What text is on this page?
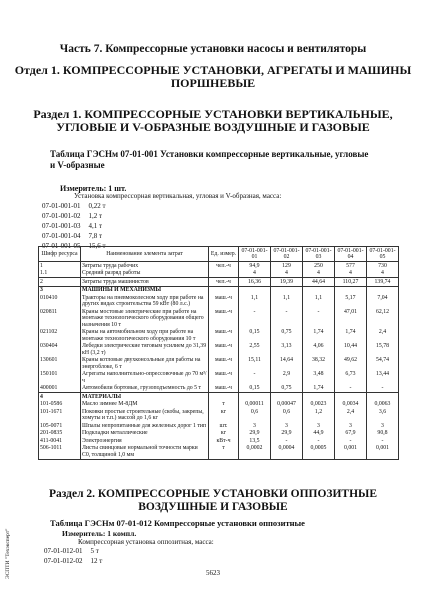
Часть 7. Компрессорные установки насосы и вентиляторы
Отдел 1. КОМПРЕССОРНЫЕ УСТАНОВКИ, АГРЕГАТЫ И МАШИНЫ
ПОРШНЕВЫЕ
Раздел 1. КОМПРЕССОРНЫЕ УСТАНОВКИ ВЕРТИКАЛЬНЫЕ,
УГЛОВЫЕ И V-ОБРАЗНЫЕ ВОЗДУШНЫЕ И ГАЗОВЫЕ
Таблица ГЭСНм 07-01-001 Установки компрессорные вертикальные, угловые и V-образные
Измеритель: 1 шт.
Установка компрессорная вертикальная, угловая и V-образная, масса:
07-01-001-01	0,22 т
07-01-001-02	1,2 т
07-01-001-03	4,1 т
07-01-001-04	7,8 т
07-01-001-05	15,6 т
Шифр ресурса	Наименование элемента затрат	Ед. измер.	07-01-001-01	07-01-001-02	07-01-001-03	07-01-001-04	07-01-001-05
1	Затраты труда рабочих	чел.-ч	94,9	129	250	577	730
1.1	Средний разряд работы		4	4	4	4	4
2	Затраты труда машинистов	чел.-ч	16,36	19,39	44,64	110,27	139,74
3	МАШИНЫ И МЕХАНИЗМЫ						
010410	Тракторы на пневмоколесном ходу при работе на других видах строительства 59 кВт (80 л.с.)	маш.-ч	1,1	1,1	1,1	5,17	7,04
020811	Краны мостовые электрические при работе на монтаже технологического оборудования общего назначения 10 т	маш.-ч	-	-	-	47,01	62,12
021102	Краны на автомобильном ходу при работе на монтаже технологического оборудования 10 т	маш.-ч	0,15	0,75	1,74	1,74	2,4
030404	Лебедки электрические тяговым усилием до 31,39 кН (3,2 т)	маш.-ч	2,55	3,13	4,06	10,44	15,78
130601	Краны котловые двухконсольные для работы на энергоблоке, 6 т	маш.-ч	15,11	14,64	38,32	49,62	54,74
150101	Агрегаты наполнительно-опрессовочные до 70 м³/ч	маш.-ч	-	2,9	3,48	6,73	13,44
400001	Автомобили бортовые, грузоподъемность до 5 т	маш.-ч	0,15	0,75	1,74	-	-
4	МАТЕРИАЛЫ						
101-0586	Масло зимнее М-8ДМ	т	0,00011	0,00047	0,0023	0,0034	0,0063
101-1671	Поковки простые строительные (скобы, закрепы, хомуты и т.п.) массой до 1,6 кг	кг	0,6	0,6	1,2	2,4	3,6
105-0071	Шпалы непропитанные для железных дорог 1 тип	шт.	3	3	3	3	3
201-0835	Подкладки металлические	кг	29,9	29,9	44,9	67,9	90,8
411-0041	Электроэнергия	кВт-ч	13,5	-	-	-	-
506-1011	Листы свинцовые нормальной точности марки С0, толщиной 1,0 мм	т	0,0002	0,0004	0,0005	0,001	0,001
Раздел 2. КОМПРЕССОРНЫЕ УСТАНОВКИ ОППОЗИТНЫЕ
ВОЗДУШНЫЕ И ГАЗОВЫЕ
Таблица ГЭСНм 07-01-012 Компрессорные установки оппозитные
Измеритель: 1 компл.
Компрессорная установка оппозитная, масса:
07-01-012-01	5 т
07-01-012-02	12 т
5623
ЭСПТИ "Техэксперт"
